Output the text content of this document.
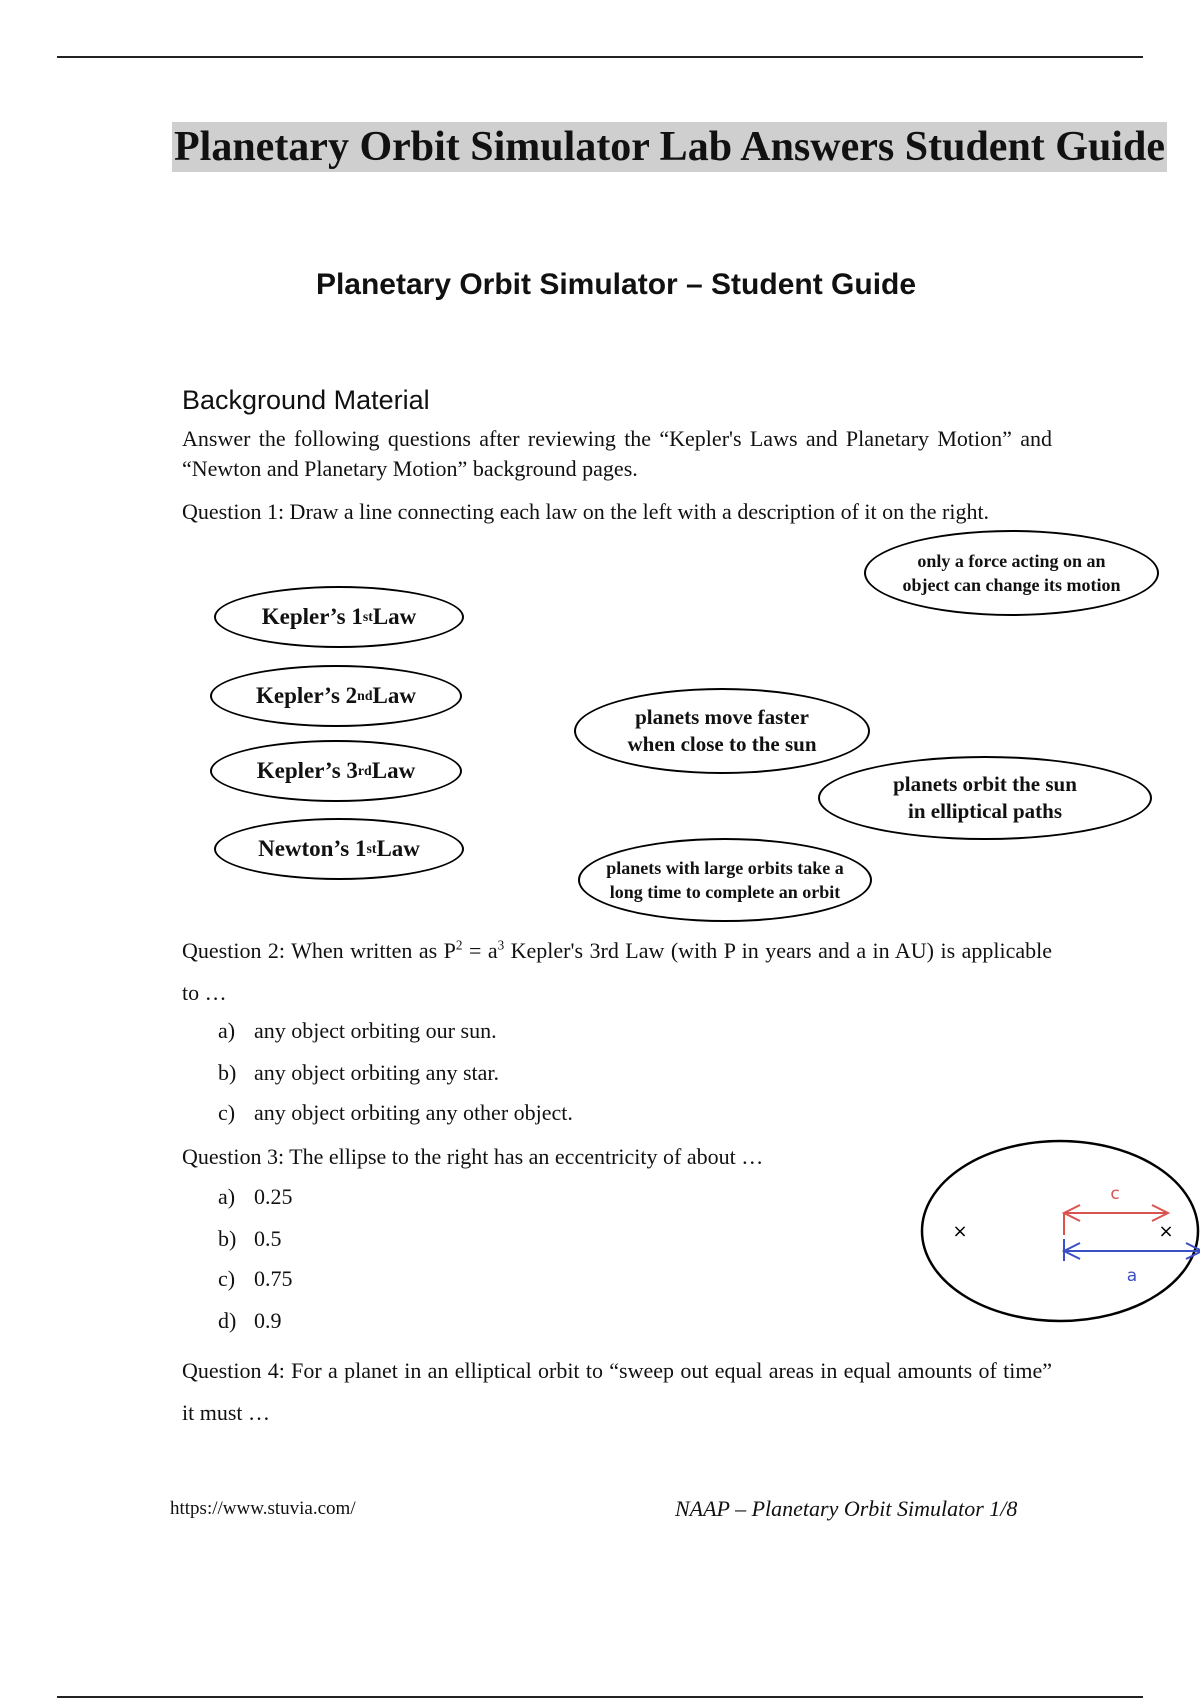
Planetary Orbit Simulator Lab Answers Student Guide
Planetary Orbit Simulator – Student Guide
Background Material
Answer the following questions after reviewing the “Kepler's Laws and Planetary Motion” and “Newton and Planetary Motion” background pages.
Question 1: Draw a line connecting each law on the left with a description of it on the right.
Kepler’s 1 st Law
Kepler’s 2 nd Law
Kepler’s 3 rd Law
Newton’s 1 st Law
only a force acting on an
object can change its motion
planets move faster
when close to the sun
planets orbit the sun
in elliptical paths
planets with large orbits take a
long time to complete an orbit
Question 2: When written as $P^2 = a^3$ Kepler's 3rd Law (with P in years and a in AU) is applicable to …
a) any object orbiting our sun.
b) any object orbiting any star.
c) any object orbiting any other object.
Question 3: The ellipse to the right has an eccentricity of about …
a) 0.25
b) 0.5
c) 0.75
d) 0.9
×	×
c
a
Question 4: For a planet in an elliptical orbit to “sweep out equal areas in equal amounts of time” it must …
https://www.stuvia.com/	NAAP – Planetary Orbit Simulator 1/8
